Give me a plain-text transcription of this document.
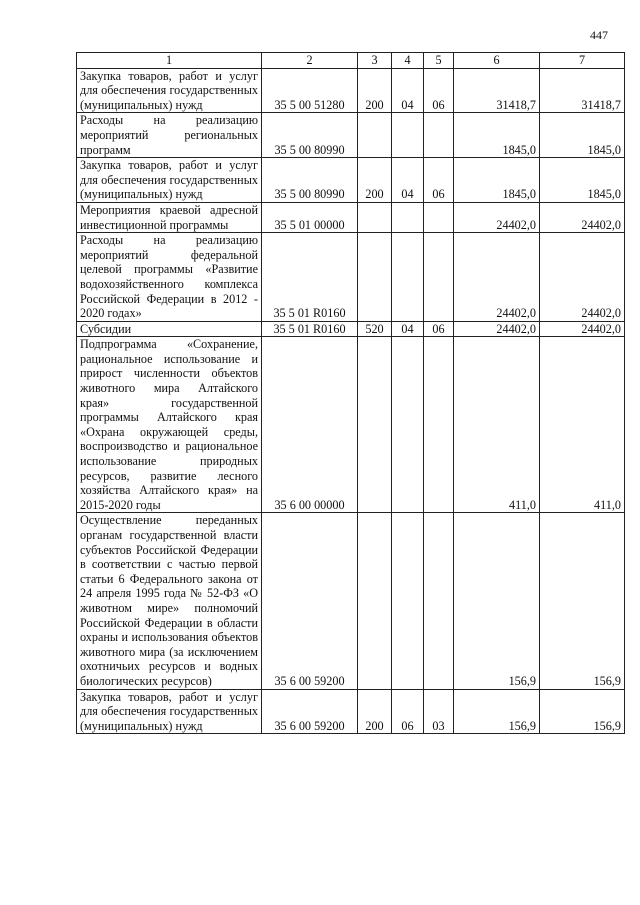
447
1	2	3	4	5	6	7
Закупка товаров, работ и услуг для обеспечения государственных (муниципальных) нужд	35 5 00 51280	200	04	06	31418,7	31418,7
Расходы на реализацию мероприятий региональных программ	35 5 00 80990				1845,0	1845,0
Закупка товаров, работ и услуг для обеспечения государственных (муниципальных) нужд	35 5 00 80990	200	04	06	1845,0	1845,0
Мероприятия краевой адресной инвестиционной программы	35 5 01 00000				24402,0	24402,0
Расходы на реализацию мероприятий федеральной целевой программы «Развитие водохозяйственного комплекса Российской Федерации в 2012 - 2020 годах»	35 5 01 R0160				24402,0	24402,0
Субсидии	35 5 01 R0160	520	04	06	24402,0	24402,0
Подпрограмма «Сохранение, рациональное использование и прирост численности объектов животного мира Алтайского края» государственной программы Алтайского края «Охрана окружающей среды, воспроизводство и рациональное использование природных ресурсов, развитие лесного хозяйства Алтайского края» на 2015-2020 годы	35 6 00 00000				411,0	411,0
Осуществление переданных органам государственной власти субъектов Российской Федерации в соответствии с частью первой статьи 6 Федерального закона от 24 апреля 1995 года № 52-ФЗ «О животном мире» полномочий Российской Федерации в области охраны и использования объектов животного мира (за исключением охотничьих ресурсов и водных биологических ресурсов)	35 6 00 59200				156,9	156,9
Закупка товаров, работ и услуг для обеспечения государственных (муниципальных) нужд	35 6 00 59200	200	06	03	156,9	156,9
